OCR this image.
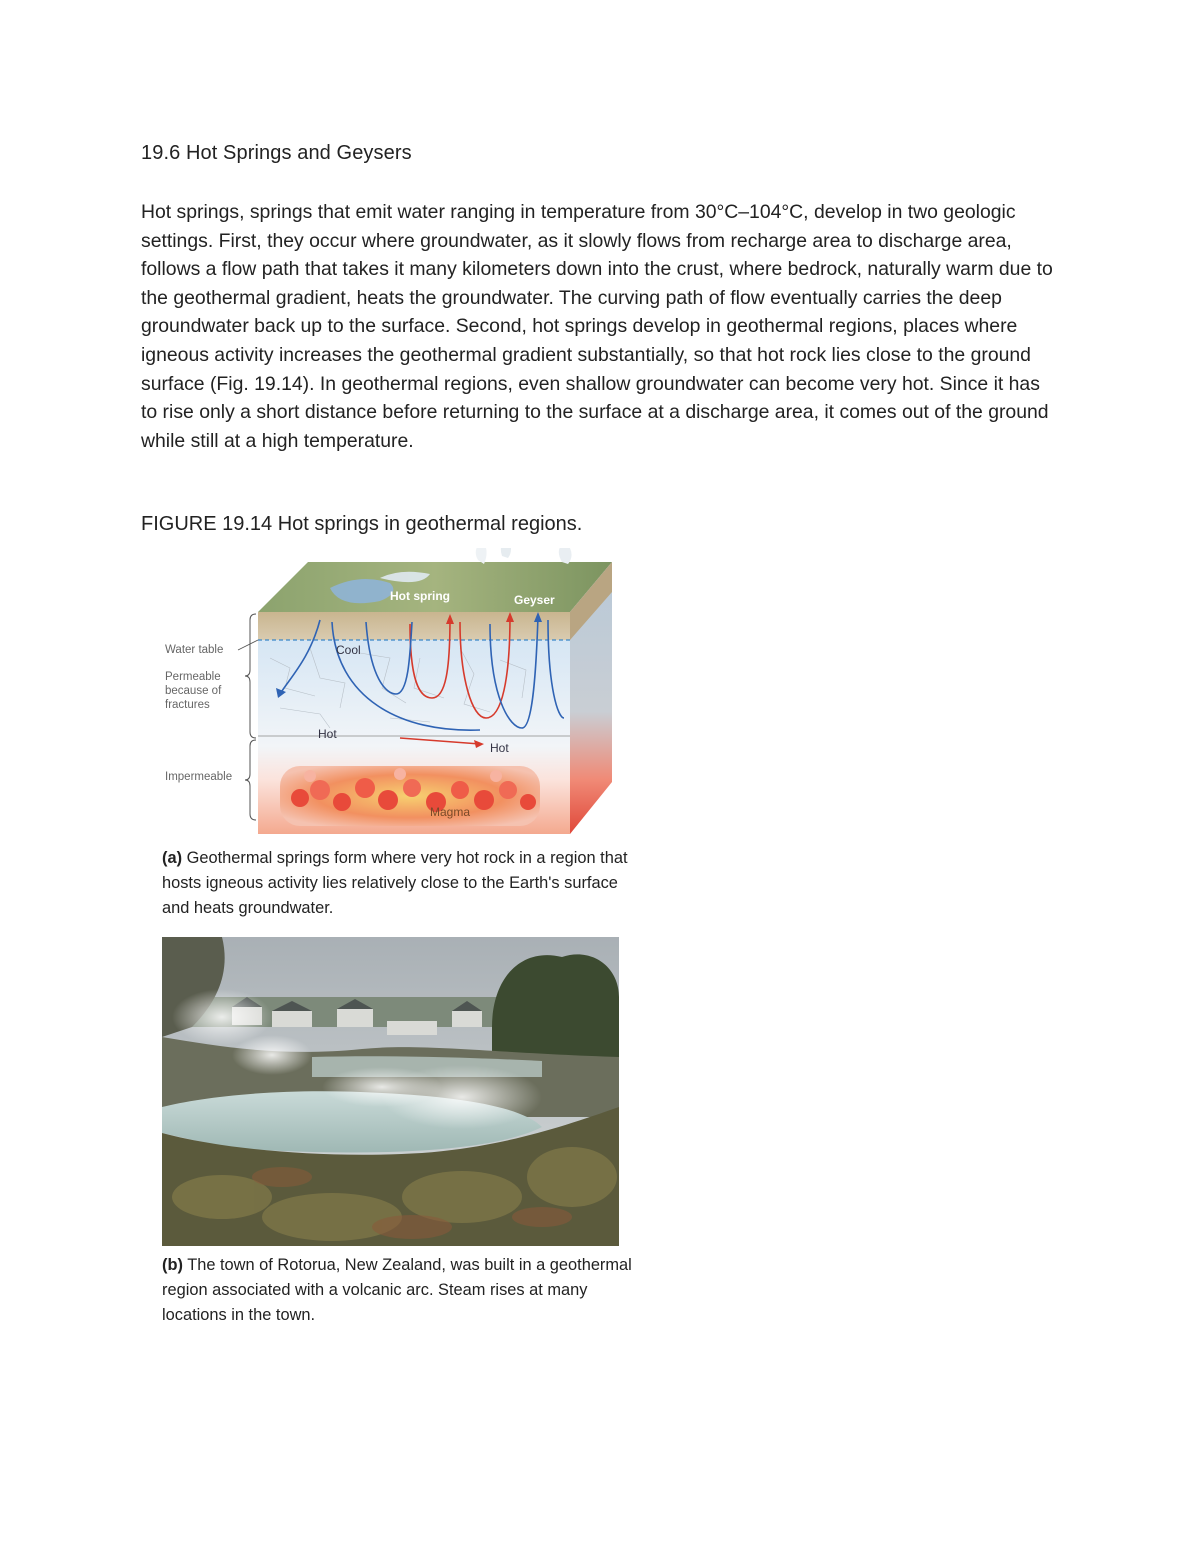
19.6 Hot Springs and Geysers

Hot springs, springs that emit water ranging in temperature from 30°C–104°C, develop in two geologic settings. First, they occur where groundwater, as it slowly flows from recharge area to discharge area, follows a flow path that takes it many kilometers down into the crust, where bedrock, naturally warm due to the geothermal gradient, heats the groundwater. The curving path of flow eventually carries the deep groundwater back up to the surface. Second, hot springs develop in geothermal regions, places where igneous activity increases the geothermal gradient substantially, so that hot rock lies close to the ground surface (Fig. 19.14). In geothermal regions, even shallow groundwater can become very hot. Since it has to rise only a short distance before returning to the surface at a discharge area, it comes out of the ground while still at a high temperature.

FIGURE 19.14 Hot springs in geothermal regions.
Hot spring	Geyser
Magma
Cool
Hot
Hot
Water table
Permeable
because of
fractures
Impermeable

(a) Geothermal springs form where very hot rock in a region that hosts igneous activity lies relatively close to the Earth's surface and heats groundwater.

(b) The town of Rotorua, New Zealand, was built in a geothermal region associated with a volcanic arc. Steam rises at many locations in the town.
